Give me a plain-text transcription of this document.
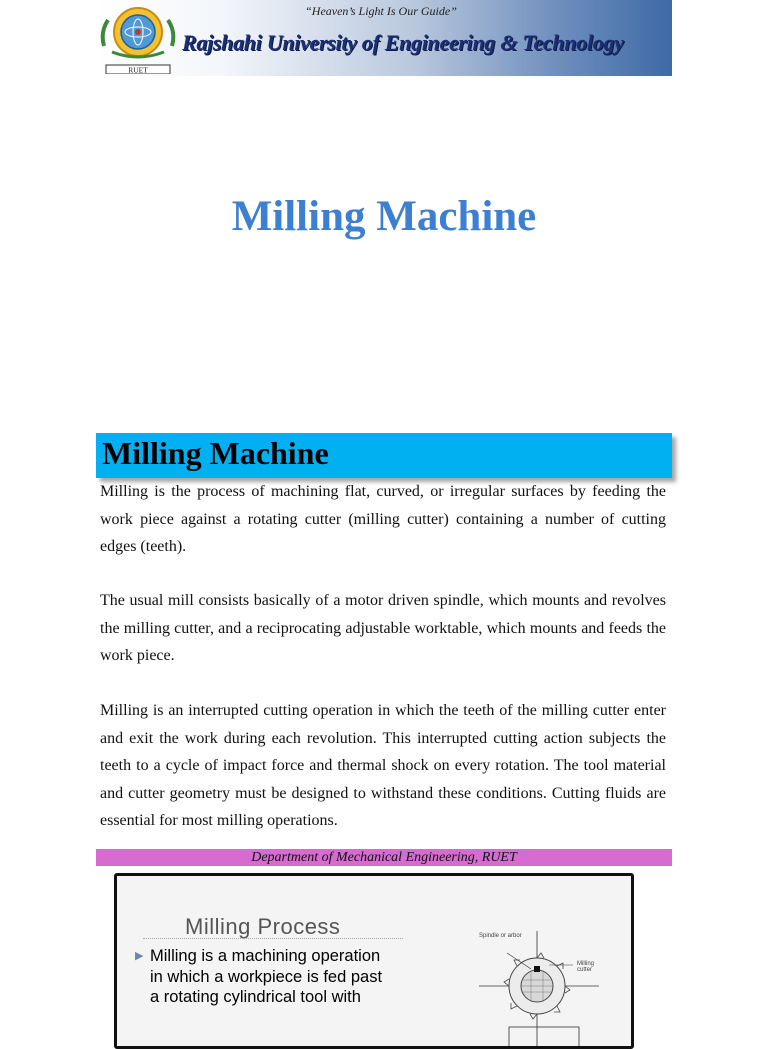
RUET
“Heaven’s Light Is Our Guide”
Rajshahi University of Engineering & Technology
Milling Machine
Milling Machine

Milling is the process of machining flat, curved, or irregular surfaces by feeding the work piece against a rotating cutter (milling cutter) containing a number of cutting edges (teeth).

The usual mill consists basically of a motor driven spindle, which mounts and revolves the milling cutter, and a reciprocating adjustable worktable, which mounts and feeds the work piece.

Milling is an interrupted cutting operation in which the teeth of the milling cutter enter and exit the work during each revolution. This interrupted cutting action subjects the teeth to a cycle of impact force and thermal shock on every rotation. The tool material and cutter geometry must be designed to withstand these conditions. Cutting fluids are essential for most milling operations.

Department of Mechanical Engineering, RUET
Milling Process
▶ Milling is a machining operation in which a workpiece is fed past a rotating cylindrical tool with
Spindle or arbor
Milling cutter
